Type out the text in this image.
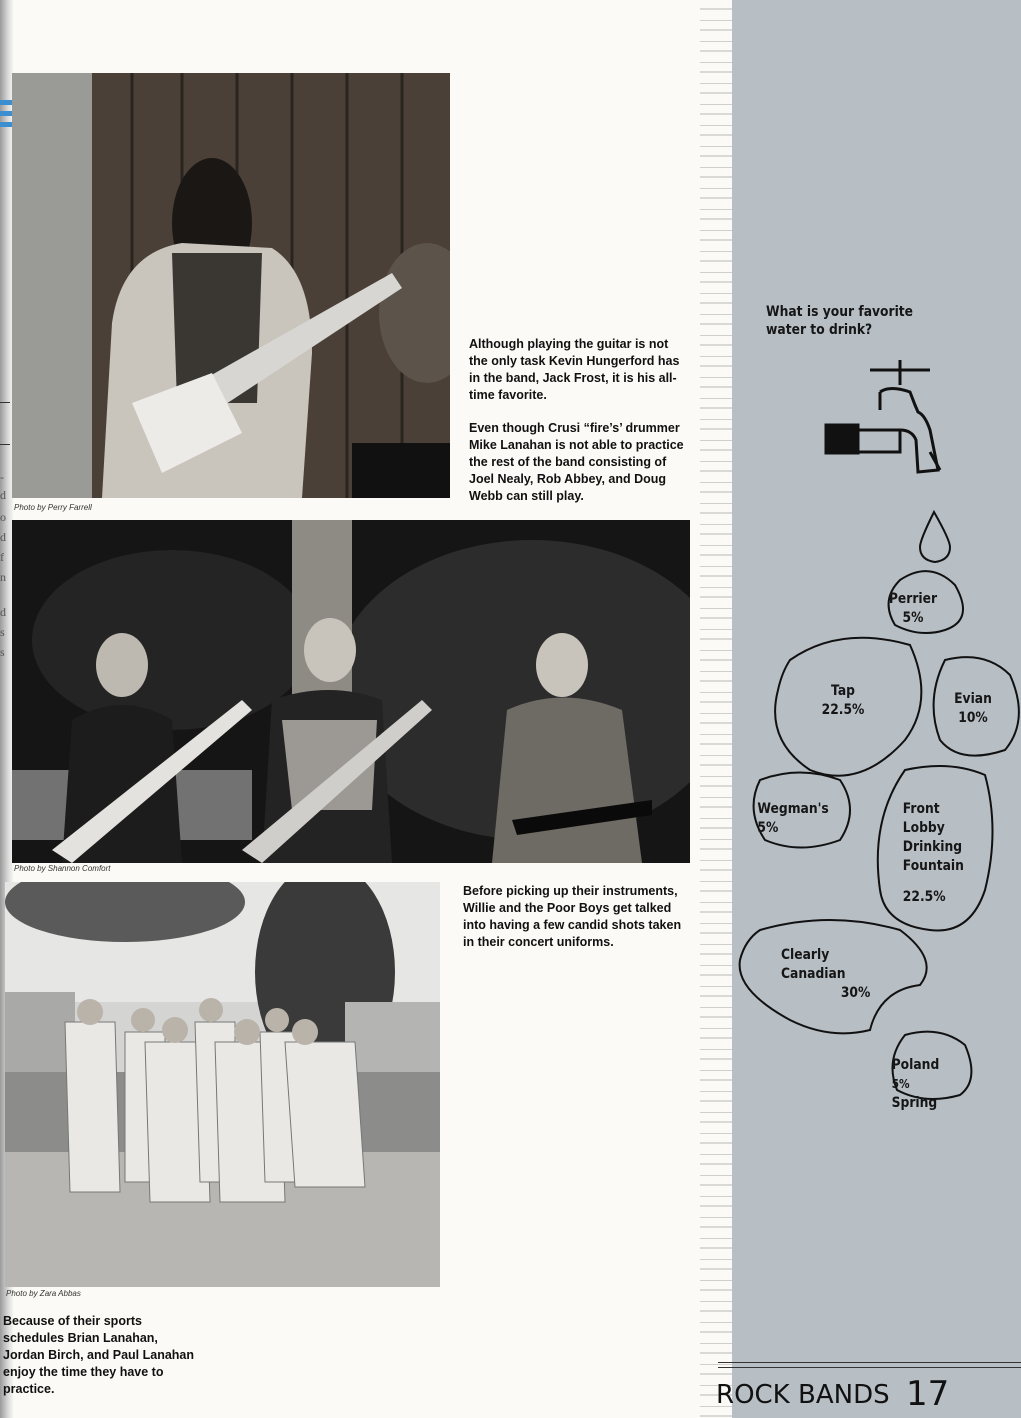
-
d
o
d
f
n
d
s
s
Photo by Perry Farrell

Although playing the guitar is not the only task Kevin Hungerford has in the band, Jack Frost, it is his all-time favorite.

Even though Crusi “fire’s’ drummer Mike Lanahan is not able to practice the rest of the band consisting of Joel Nealy, Rob Abbey, and Doug Webb can still play.

Photo by Shannon Comfort
Before picking up their instruments, Willie and the Poor Boys get talked into having a few candid shots taken in their concert uniforms.
Photo by Zara Abbas
Because of their sports schedules Brian Lanahan, Jordan Birch, and Paul Lanahan enjoy the time they have to practice.
What is your favorite water to drink?
Perrier
5%
Tap
22.5%
Evian
10%
Wegman's
5%
Front
Lobby
Drinking
Fountain
22.5%
Clearly
Canadian
30%
Poland
5%
Spring
ROCK BANDS 17
